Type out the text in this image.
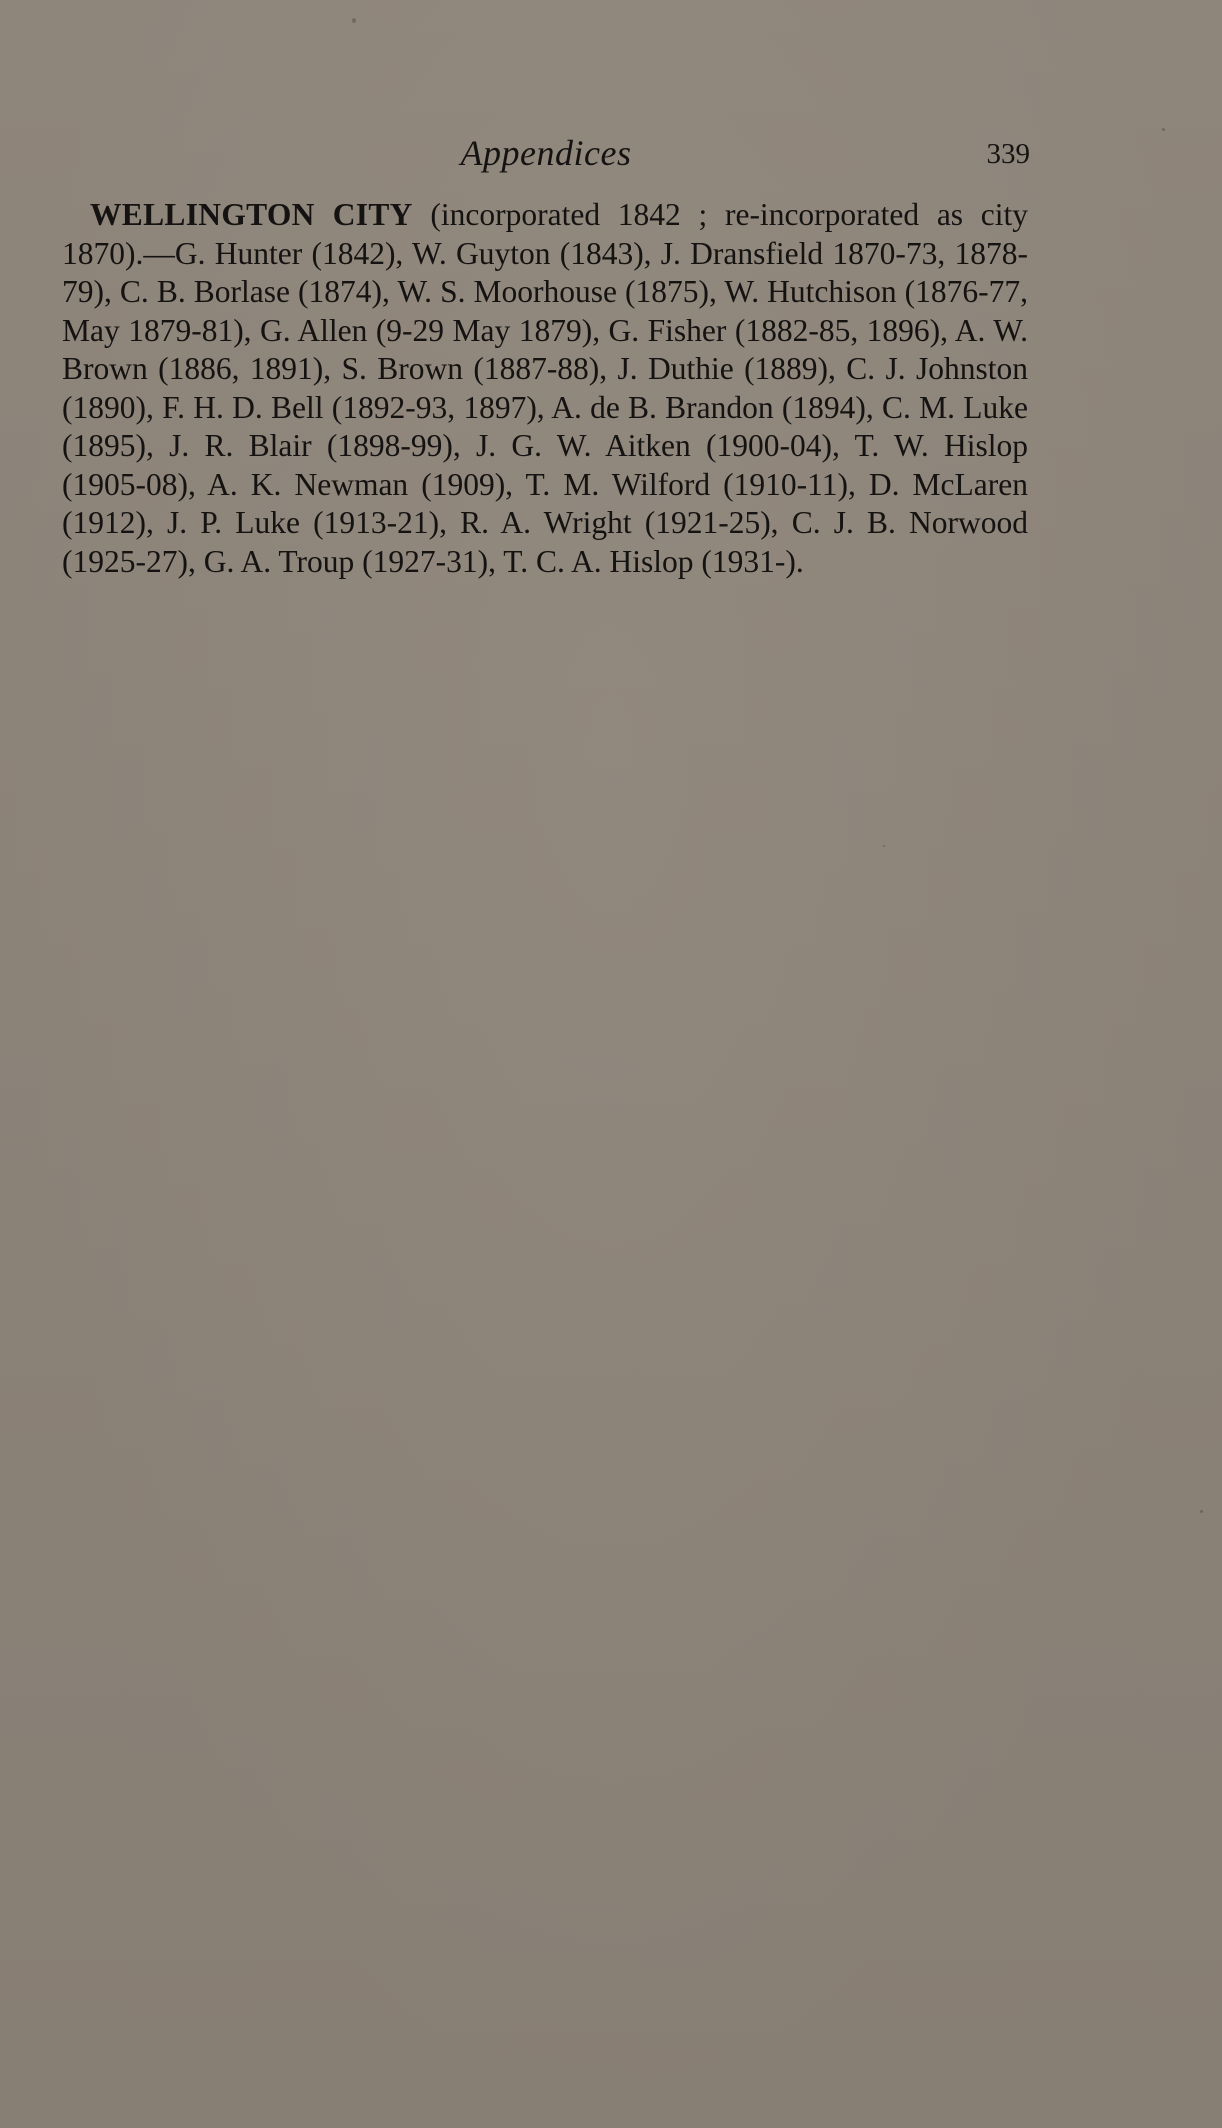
Appendices	339

WELLINGTON CITY (incorporated 1842 ; re-incorporated as city 1870).—G. Hunter (1842), W. Guyton (1843), J. Dransfield 1870-73, 1878-79), C. B. Borlase (1874), W. S. Moorhouse (1875), W. Hutchison (1876-77, May 1879-81), G. Allen (9-29 May 1879), G. Fisher (1882-85, 1896), A. W. Brown (1886, 1891), S. Brown (1887-88), J. Duthie (1889), C. J. Johnston (1890), F. H. D. Bell (1892-93, 1897), A. de B. Brandon (1894), C. M. Luke (1895), J. R. Blair (1898-99), J. G. W. Aitken (1900-04), T. W. Hislop (1905-08), A. K. Newman (1909), T. M. Wilford (1910-11), D. McLaren (1912), J. P. Luke (1913-21), R. A. Wright (1921-25), C. J. B. Norwood (1925-27), G. A. Troup (1927-31), T. C. A. Hislop (1931-).
